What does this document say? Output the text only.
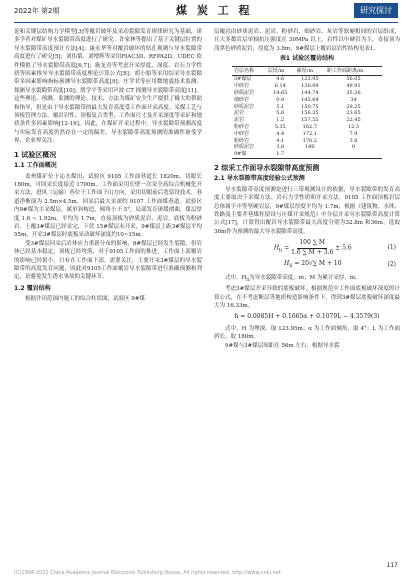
2022年 第2期	煤 炭 工 程	研究探讨

论和关键层结构力学模型[3]等覆岩破坏及采动裂隙发育规律研究为基础，诸多学者对煤矿导水裂隙带高度进行了研究。许家林等提出了基于关键层位置的导水裂隙带高度预计方法[4]；康永华等对覆岩破坏的钻孔观测与导水裂隙带高度进行了研究[5]；刘伟韬、刘增辉等采用FIAC3D、RFPA2D、UDEC 软件模拟了导水裂隙带高度[6,7]；施龙青等考虑开采厚度、深度、岩石力学性质等因素推导导水裂隙带高度理论计算公式[8]；胡小娟等采用综采导水裂隙带多因素影响指标预测导水裂隙带高度[9]；庄学君等应用微地震技术监测、探测导水裂隙带高度[10]；殷学平等采用声波 CT 探测导水裂隙带高度[11]。这些理论、预测、监测的理论、技术、方法为煤矿安全生产提供了极大的帮助和指导，但是由于导水裂隙带的最大发育高度受工作面开采高度、采煤工艺与顶板管理方法、覆岩岩性、顶板复合类型、工作面尺寸及开采深度等采矿和地质条件多因素影响[12-16]，因此，在煤矿开采过程中，导水裂隙带预测高度与实际发育高度仍然存在一定的偏差，导水裂隙带高度预测的准确性备受学界、企业界关注。

1 试验区概况
1.1 工作面概况

盖州煤矿位于沁水煤田，试验区 9105 工作面巷道长 1820m，切眼长 180m，可回采长度接近 1700m。工作面采用长壁一次采全高综合机械化开采方法，进风（运输）巷位于工作面下山方向，采用切眼前后宽留设技术，巷道净断面为 2.5m×4.5m，回采后最大采深约 9107 工作面煤巷道。试验区内9#煤为主采煤层，属单斜构造，倾角小于 5°，局部发育斑缓褶曲，煤层厚度 1.6 ~ 1.92m，平均为 1.7m，直接顶板为砂质泥岩、泥岩，底板为粉砂岩，上覆3#煤层已经采完，下伏 15#煤层未开采，9#煤层上距3#煤层平均 55m，开采3#煤层时底板采动破坏深度约10~15m。

受3#煤层回采后岩体应力重新分布的影响，9#煤层已经发生裂隙，但岩体已经基本稳定，顶板已经垮落，对于9105工作面的推进，工作面上部覆岩的影响已经很小，只有在工作面下部，需要关注，主要开采3#煤层的导水裂隙带的高度发育问题，因此对9105工作面覆岩导水裂隙带进行准确预测和判定，是避免发生透水事故的关键环节。

1.2 覆岩结构

根据井田范围内施工的综合柱状图，试验区 9#煤

层覆岩由砂质泥岩、泥岩、粉砂岩、细砂岩、灰岩等软硬相间的岩层组成，且大多数岩层单轴抗压强度在 30MPa 以上，岩性以中硬岩为主，直接顶为浅黑色砂质泥岩，厚度为 3.8m，9#煤层上覆岩层岩性结构见表1。

表1 试验区覆岩结构
岩层名称	层厚/m	累厚/m	距工作面距离/m
3#煤层	4.6	123.95	56.05
中砂岩	6.14	130.09	49.91
砂质泥岩	14.65	144.74	35.26
细砂岩	0.9	145.64	34
砂质泥岩	5.1	150.75	29.25
泥岩	5.6	156.35	23.65
泥岩	1.2	157.55	22.45
粉砂岩	5.35	162.7	12.3
中砂岩	4.4	172.1	7.9
粉砂岩	4.1	176.2	3.8
砂质泥岩	3.8	180	0
9#煤	1.7		
2 综采工作面导水裂隙带高度预测
2.1 导水裂隙带高度经验公式预测

导水裂隙带高度预测是进行三带观测设计的依据，导水裂隙带的发育高度主要取决于采煤方法、岩石力学性质和开采方法。9105 工作面顶板岩层总体属于中等坚硬岩层，9#煤层厚度平均为 1.7m，根据《建筑物、水体、铁路及主要井巷煤柱留设与压煤开采规范》中分层开采导水裂隙带高度计算公式[17]，计算得出覆岩导水裂隙带最大高度分别为32.8m 和36m，选取36m作为预测的最大导水裂隙带高度。

$H_{li} = \frac{100 \sum M}{1.6 \sum M + 3.6} \pm 5.6$	(1)
$H_{li} = 20√\sum$ M + 10	(2)

式中，$H_{li}$为导水裂隙带高度，m；M 为累计采厚，m。

考虑3#煤层开采导致的底板破坏，根据规范中工作面底板破坏深度的计算公式，在不考虑断层等地质构造影响条件下，得到3#煤层底板破坏深度最大为 16.33m。

h = 0.0085H + 0.1665α + 0.1079L − 4.3579(3)

式中，H 为埋深，取 123.95m；α 为工作面倾角，取 4°；L 为工作面斜长，取 180m。

9#煤与3#煤层间距在 56m 左右，根据导水裂

117
(C)1994-2022 China Academic Journal Electronic Publishing House. All rights reserved. http://www.cnki.net
